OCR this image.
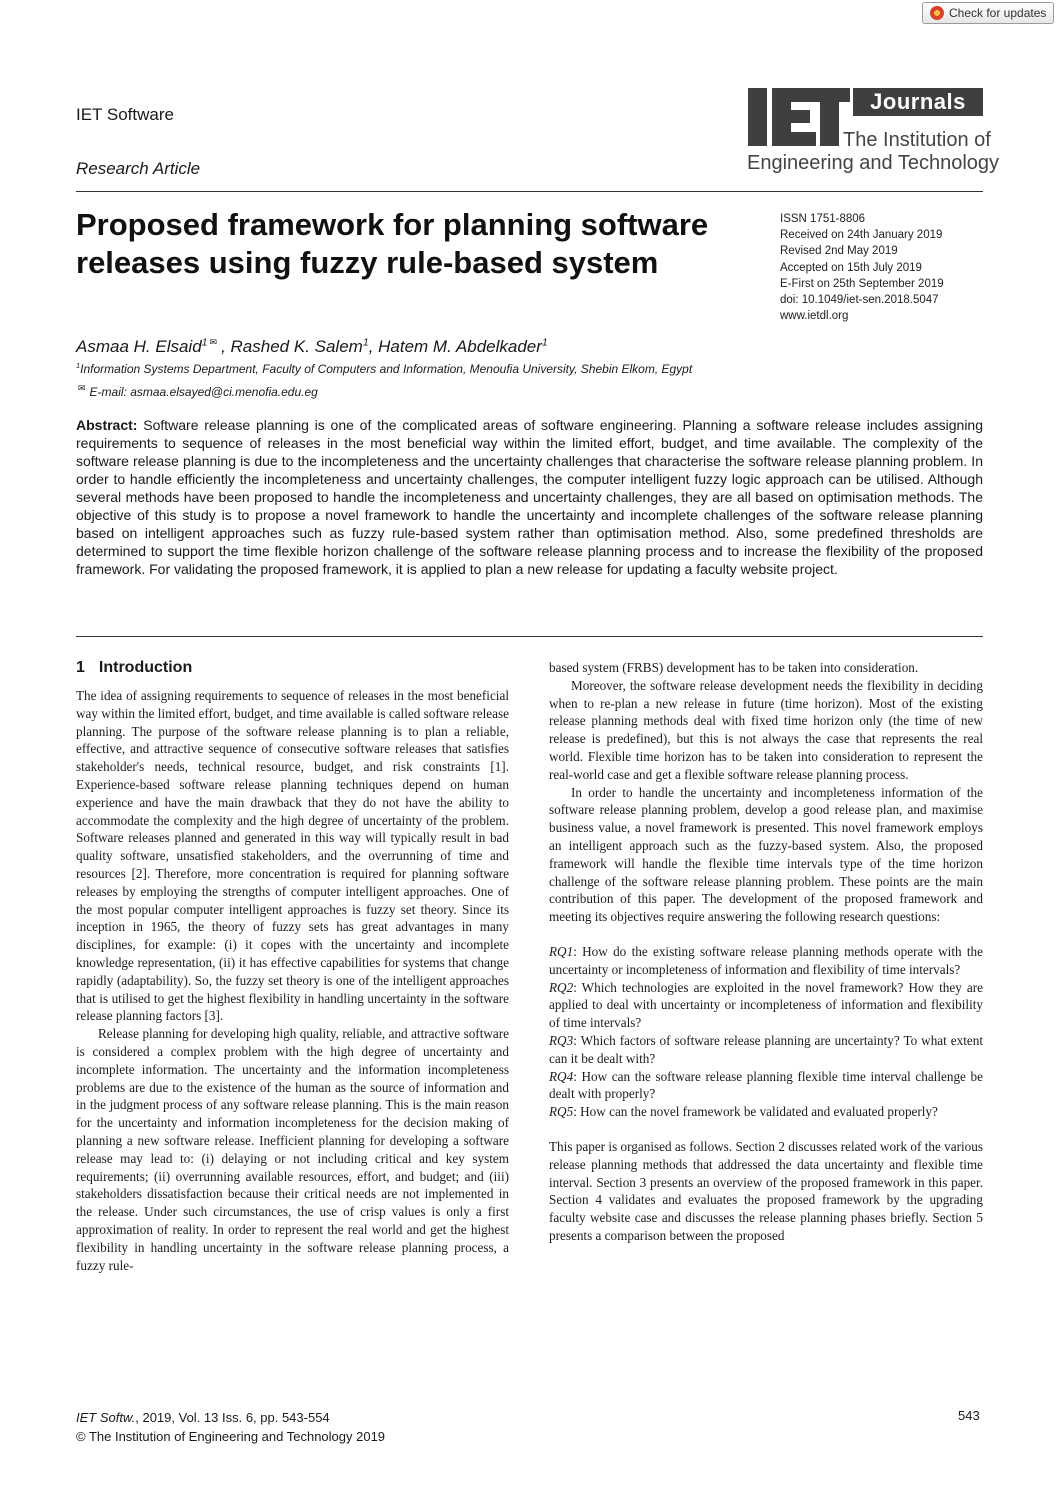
Check for updates
IET Software
Research Article
Journals
The Institution of
Engineering and Technology
Proposed framework for planning software releases using fuzzy rule-based system
ISSN 1751-8806
Received on 24th January 2019
Revised 2nd May 2019
Accepted on 15th July 2019
E-First on 25th September 2019
doi: 10.1049/iet-sen.2018.5047
www.ietdl.org
Asmaa H. Elsaid$^1$ ✉ , Rashed K. Salem$^1$, Hatem M. Abdelkader$^1$
$^1$Information Systems Department, Faculty of Computers and Information, Menoufia University, Shebin Elkom, Egypt
✉ E-mail: asmaa.elsayed@ci.menofia.edu.eg
Abstract: Software release planning is one of the complicated areas of software engineering. Planning a software release includes assigning requirements to sequence of releases in the most beneficial way within the limited effort, budget, and time available. The complexity of the software release planning is due to the incompleteness and the uncertainty challenges that characterise the software release planning problem. In order to handle efficiently the incompleteness and uncertainty challenges, the computer intelligent fuzzy logic approach can be utilised. Although several methods have been proposed to handle the incompleteness and uncertainty challenges, they are all based on optimisation methods. The objective of this study is to propose a novel framework to handle the uncertainty and incomplete challenges of the software release planning based on intelligent approaches such as fuzzy rule-based system rather than optimisation method. Also, some predefined thresholds are determined to support the time flexible horizon challenge of the software release planning process and to increase the flexibility of the proposed framework. For validating the proposed framework, it is applied to plan a new release for updating a faculty website project.
1 Introduction

The idea of assigning requirements to sequence of releases in the most beneficial way within the limited effort, budget, and time available is called software release planning. The purpose of the software release planning is to plan a reliable, effective, and attractive sequence of consecutive software releases that satisfies stakeholder's needs, technical resource, budget, and risk constraints [1]. Experience-based software release planning techniques depend on human experience and have the main drawback that they do not have the ability to accommodate the complexity and the high degree of uncertainty of the problem. Software releases planned and generated in this way will typically result in bad quality software, unsatisfied stakeholders, and the overrunning of time and resources [2]. Therefore, more concentration is required for planning software releases by employing the strengths of computer intelligent approaches. One of the most popular computer intelligent approaches is fuzzy set theory. Since its inception in 1965, the theory of fuzzy sets has great advantages in many disciplines, for example: (i) it copes with the uncertainty and incomplete knowledge representation, (ii) it has effective capabilities for systems that change rapidly (adaptability). So, the fuzzy set theory is one of the intelligent approaches that is utilised to get the highest flexibility in handling uncertainty in the software release planning factors [3].

Release planning for developing high quality, reliable, and attractive software is considered a complex problem with the high degree of uncertainty and incomplete information. The uncertainty and the information incompleteness problems are due to the existence of the human as the source of information and in the judgment process of any software release planning. This is the main reason for the uncertainty and information incompleteness for the decision making of planning a new software release. Inefficient planning for developing a software release may lead to: (i) delaying or not including critical and key system requirements; (ii) overrunning available resources, effort, and budget; and (iii) stakeholders dissatisfaction because their critical needs are not implemented in the release. Under such circumstances, the use of crisp values is only a first approximation of reality. In order to represent the real world and get the highest flexibility in handling uncertainty in the software release planning process, a fuzzy rule-

based system (FRBS) development has to be taken into consideration.

Moreover, the software release development needs the flexibility in deciding when to re-plan a new release in future (time horizon). Most of the existing release planning methods deal with fixed time horizon only (the time of new release is predefined), but this is not always the case that represents the real world. Flexible time horizon has to be taken into consideration to represent the real-world case and get a flexible software release planning process.

In order to handle the uncertainty and incompleteness information of the software release planning problem, develop a good release plan, and maximise business value, a novel framework is presented. This novel framework employs an intelligent approach such as the fuzzy-based system. Also, the proposed framework will handle the flexible time intervals type of the time horizon challenge of the software release planning problem. These points are the main contribution of this paper. The development of the proposed framework and meeting its objectives require answering the following research questions:

RQ1: How do the existing software release planning methods operate with the uncertainty or incompleteness of information and flexibility of time intervals?

RQ2: Which technologies are exploited in the novel framework? How they are applied to deal with uncertainty or incompleteness of information and flexibility of time intervals?

RQ3: Which factors of software release planning are uncertainty? To what extent can it be dealt with?

RQ4: How can the software release planning flexible time interval challenge be dealt with properly?

RQ5: How can the novel framework be validated and evaluated properly?

This paper is organised as follows. Section 2 discusses related work of the various release planning methods that addressed the data uncertainty and flexible time interval. Section 3 presents an overview of the proposed framework in this paper. Section 4 validates and evaluates the proposed framework by the upgrading faculty website case and discusses the release planning phases briefly. Section 5 presents a comparison between the proposed

IET Softw., 2019, Vol. 13 Iss. 6, pp. 543-554
© The Institution of Engineering and Technology 2019
543
